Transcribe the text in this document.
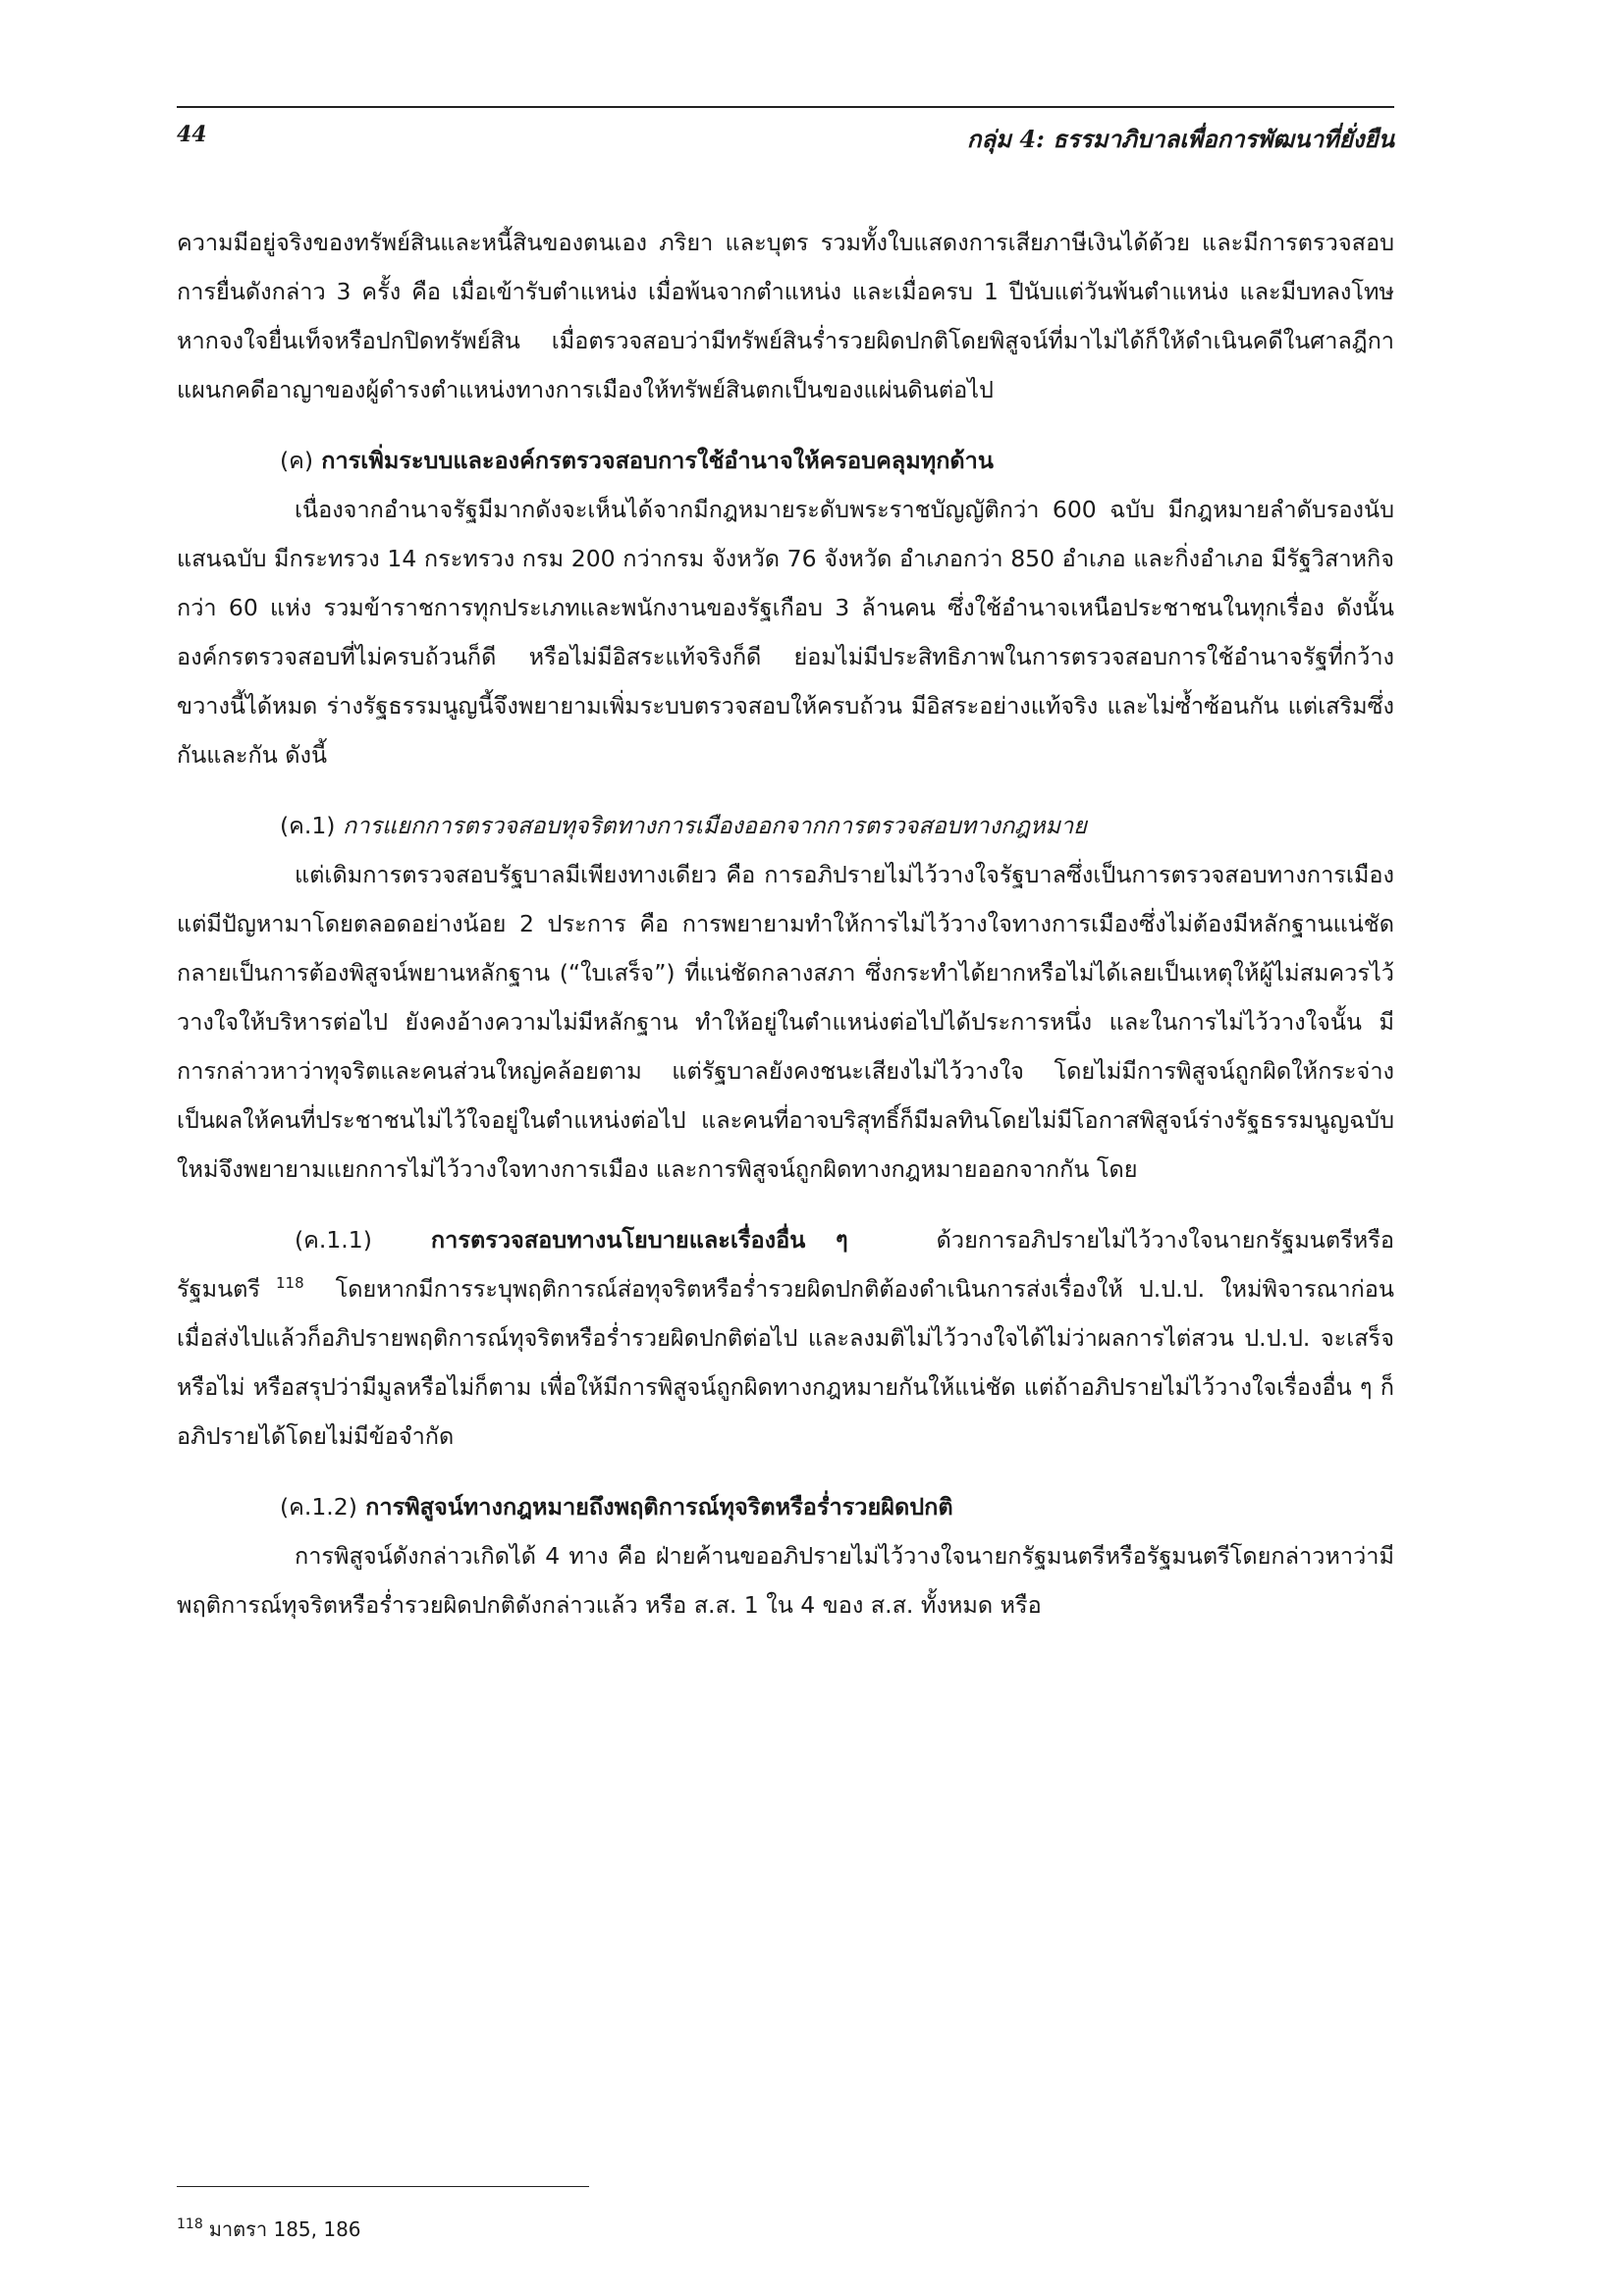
44	กลุ่ม 4: ธรรมาภิบาลเพื่อการพัฒนาที่ยั่งยืน

ความมีอยู่จริงของทรัพย์สินและหนี้สินของตนเอง ภริยา และบุตร รวมทั้งใบแสดงการเสียภาษีเงินได้ด้วย และมีการตรวจสอบการยื่นดังกล่าว 3 ครั้ง คือ เมื่อเข้ารับตำแหน่ง เมื่อพ้นจากตำแหน่ง และเมื่อครบ 1 ปีนับแต่วันพ้นตำแหน่ง และมีบทลงโทษหากจงใจยื่นเท็จหรือปกปิดทรัพย์สิน เมื่อตรวจสอบว่ามีทรัพย์สินร่ำรวยผิดปกติโดยพิสูจน์ที่มาไม่ได้ก็ให้ดำเนินคดีในศาลฎีกาแผนกคดีอาญาของผู้ดำรงตำแหน่งทางการเมืองให้ทรัพย์สินตกเป็นของแผ่นดินต่อไป

(ค) การเพิ่มระบบและองค์กรตรวจสอบการใช้อำนาจให้ครอบคลุมทุกด้าน

เนื่องจากอำนาจรัฐมีมากดังจะเห็นได้จากมีกฎหมายระดับพระราชบัญญัติกว่า 600 ฉบับ มีกฎหมายลำดับรองนับแสนฉบับ มีกระทรวง 14 กระทรวง กรม 200 กว่ากรม จังหวัด 76 จังหวัด อำเภอกว่า 850 อำเภอ และกิ่งอำเภอ มีรัฐวิสาหกิจกว่า 60 แห่ง รวมข้าราชการทุกประเภทและพนักงานของรัฐเกือบ 3 ล้านคน ซึ่งใช้อำนาจเหนือประชาชนในทุกเรื่อง ดังนั้น องค์กรตรวจสอบที่ไม่ครบถ้วนก็ดี หรือไม่มีอิสระแท้จริงก็ดี ย่อมไม่มีประสิทธิภาพในการตรวจสอบการใช้อำนาจรัฐที่กว้างขวางนี้ได้หมด ร่างรัฐธรรมนูญนี้จึงพยายามเพิ่มระบบตรวจสอบให้ครบถ้วน มีอิสระอย่างแท้จริง และไม่ซ้ำซ้อนกัน แต่เสริมซึ่งกันและกัน ดังนี้

(ค.1) การแยกการตรวจสอบทุจริตทางการเมืองออกจากการตรวจสอบทางกฎหมาย

แต่เดิมการตรวจสอบรัฐบาลมีเพียงทางเดียว คือ การอภิปรายไม่ไว้วางใจรัฐบาลซึ่งเป็นการตรวจสอบทางการเมือง แต่มีปัญหามาโดยตลอดอย่างน้อย 2 ประการ คือ การพยายามทำให้การไม่ไว้วางใจทางการเมืองซึ่งไม่ต้องมีหลักฐานแน่ชัด กลายเป็นการต้องพิสูจน์พยานหลักฐาน (“ใบเสร็จ”) ที่แน่ชัดกลางสภา ซึ่งกระทำได้ยากหรือไม่ได้เลยเป็นเหตุให้ผู้ไม่สมควรไว้วางใจให้บริหารต่อไป ยังคงอ้างความไม่มีหลักฐาน ทำให้อยู่ในตำแหน่งต่อไปได้ประการหนึ่ง และในการไม่ไว้วางใจนั้น มีการกล่าวหาว่าทุจริตและคนส่วนใหญ่คล้อยตาม แต่รัฐบาลยังคงชนะเสียงไม่ไว้วางใจ โดยไม่มีการพิสูจน์ถูกผิดให้กระจ่าง เป็นผลให้คนที่ประชาชนไม่ไว้ใจอยู่ในตำแหน่งต่อไป และคนที่อาจบริสุทธิ์ก็มีมลทินโดยไม่มีโอกาสพิสูจน์ร่างรัฐธรรมนูญฉบับใหม่จึงพยายามแยกการไม่ไว้วางใจทางการเมือง และการพิสูจน์ถูกผิดทางกฎหมายออกจากกัน โดย

(ค.1.1)	การตรวจสอบทางนโยบายและเรื่องอื่น ๆ	ด้วยการอภิปรายไม่ไว้วางใจนายกรัฐมนตรีหรือรัฐมนตรี $^{118}$ โดยหากมีการระบุพฤติการณ์ส่อทุจริตหรือร่ำรวยผิดปกติต้องดำเนินการส่งเรื่องให้ ป.ป.ป. ใหม่พิจารณาก่อน เมื่อส่งไปแล้วก็อภิปรายพฤติการณ์ทุจริตหรือร่ำรวยผิดปกติต่อไป และลงมติไม่ไว้วางใจได้ไม่ว่าผลการไต่สวน ป.ป.ป. จะเสร็จหรือไม่ หรือสรุปว่ามีมูลหรือไม่ก็ตาม เพื่อให้มีการพิสูจน์ถูกผิดทางกฎหมายกันให้แน่ชัด แต่ถ้าอภิปรายไม่ไว้วางใจเรื่องอื่น ๆ ก็อภิปรายได้โดยไม่มีข้อจำกัด

(ค.1.2) การพิสูจน์ทางกฎหมายถึงพฤติการณ์ทุจริตหรือร่ำรวยผิดปกติ

การพิสูจน์ดังกล่าวเกิดได้ 4 ทาง คือ ฝ่ายค้านขออภิปรายไม่ไว้วางใจนายกรัฐมนตรีหรือรัฐมนตรีโดยกล่าวหาว่ามีพฤติการณ์ทุจริตหรือร่ำรวยผิดปกติดังกล่าวแล้ว หรือ ส.ส. 1 ใน 4 ของ ส.ส. ทั้งหมด หรือ

$^{118}$ มาตรา 185, 186
